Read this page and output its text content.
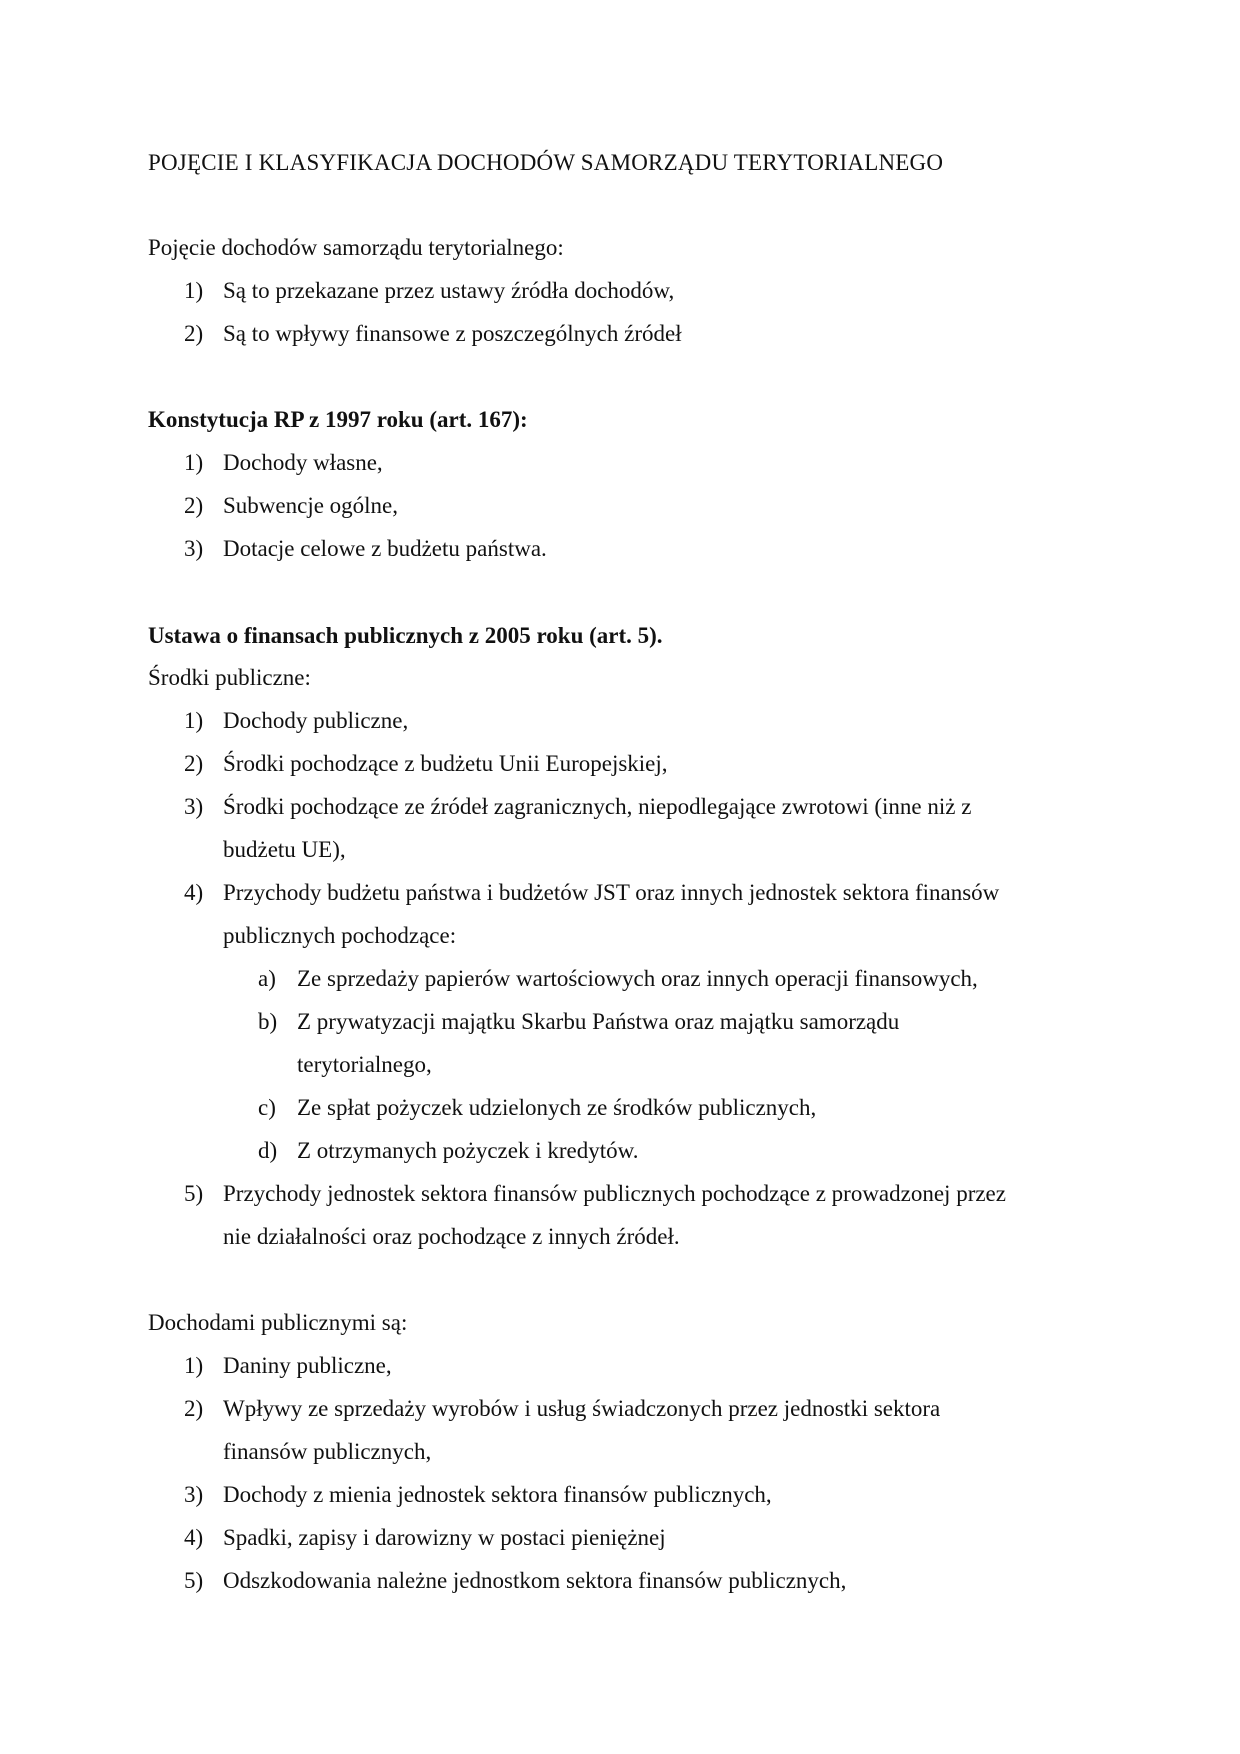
POJĘCIE I KLASYFIKACJA DOCHODÓW SAMORZĄDU TERYTORIALNEGO
Pojęcie dochodów samorządu terytorialnego:
1) Są to przekazane przez ustawy źródła dochodów,
2) Są to wpływy finansowe z poszczególnych źródeł
Konstytucja RP z 1997 roku (art. 167):
1) Dochody własne,
2) Subwencje ogólne,
3) Dotacje celowe z budżetu państwa.
Ustawa o finansach publicznych z 2005 roku (art. 5).
Środki publiczne:
1) Dochody publiczne,
2) Środki pochodzące z budżetu Unii Europejskiej,
3) Środki pochodzące ze źródeł zagranicznych, niepodlegające zwrotowi (inne niż z
budżetu UE),
4) Przychody budżetu państwa i budżetów JST oraz innych jednostek sektora finansów
publicznych pochodzące:
a) Ze sprzedaży papierów wartościowych oraz innych operacji finansowych,
b) Z prywatyzacji majątku Skarbu Państwa oraz majątku samorządu
terytorialnego,
c) Ze spłat pożyczek udzielonych ze środków publicznych,
d) Z otrzymanych pożyczek i kredytów.
5) Przychody jednostek sektora finansów publicznych pochodzące z prowadzonej przez
nie działalności oraz pochodzące z innych źródeł.
Dochodami publicznymi są:
1) Daniny publiczne,
2) Wpływy ze sprzedaży wyrobów i usług świadczonych przez jednostki sektora
finansów publicznych,
3) Dochody z mienia jednostek sektora finansów publicznych,
4) Spadki, zapisy i darowizny w postaci pieniężnej
5) Odszkodowania należne jednostkom sektora finansów publicznych,
